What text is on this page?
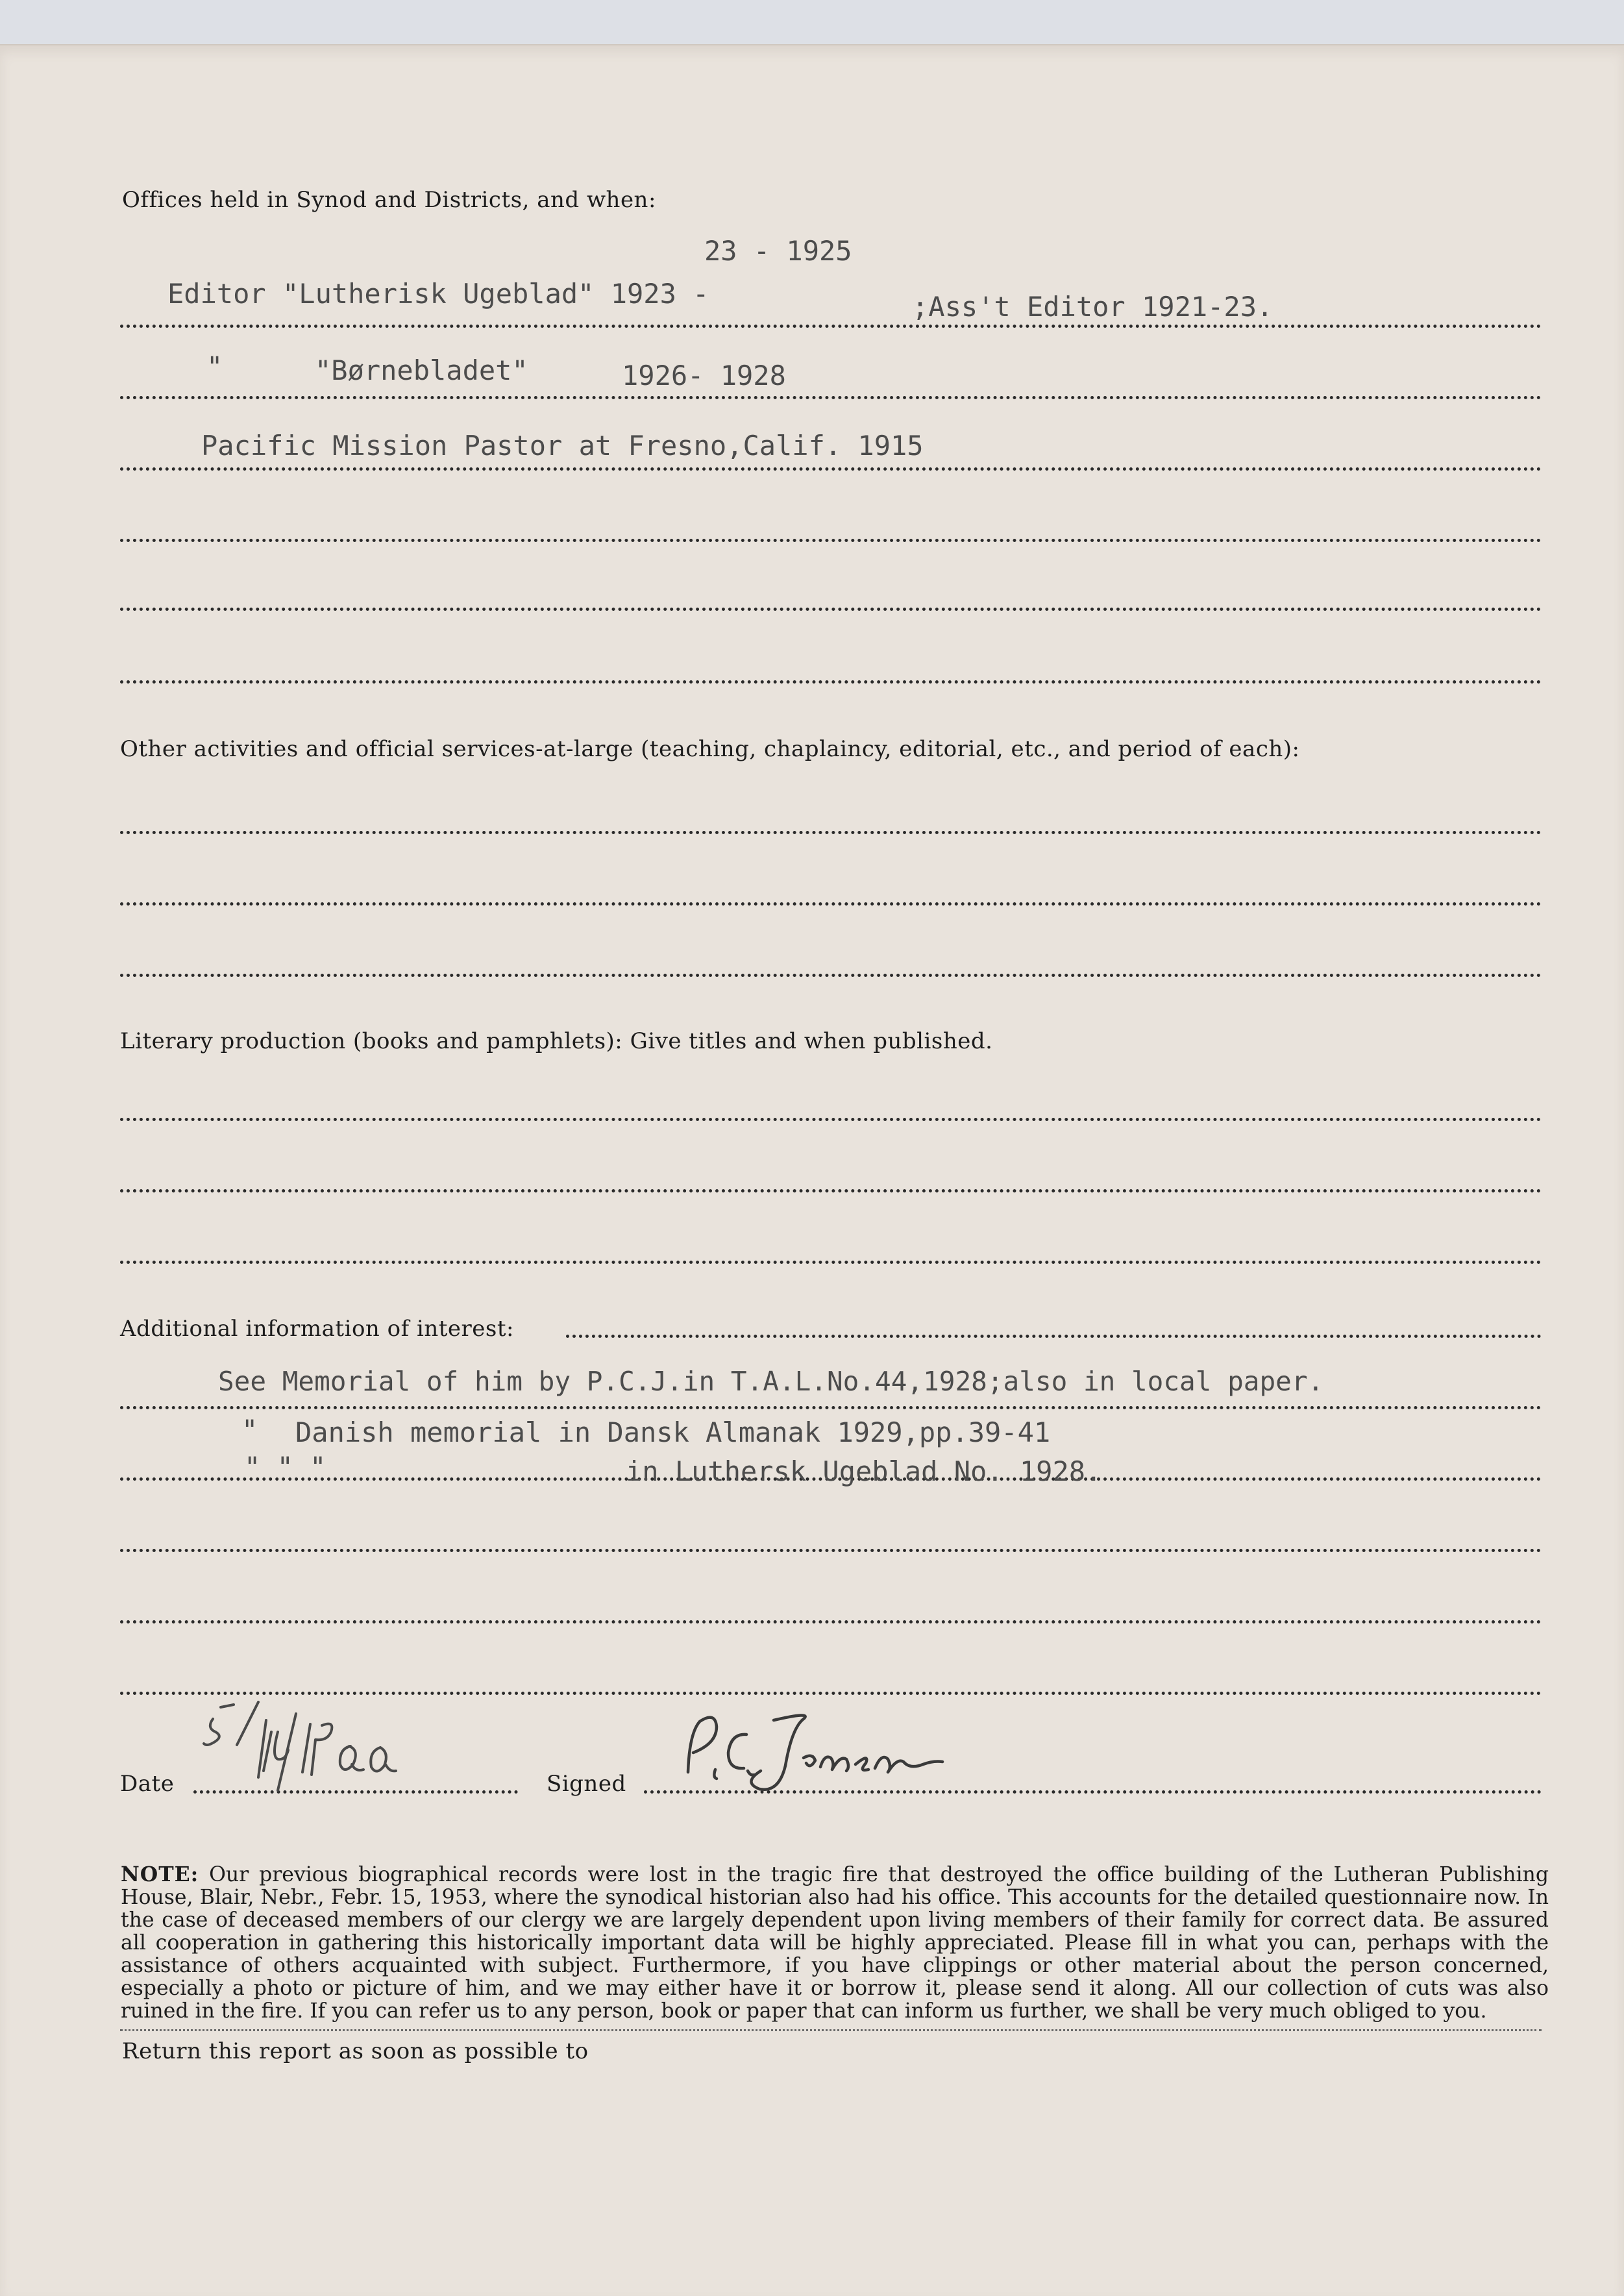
Offices held in Synod and Districts, and when:
Editor "Lutherisk Ugeblad" 1923 -
23 - 1925
;Ass't Editor 1921-23.
"	"Børnebladet"	1926- 1928
Pacific Mission Pastor at Fresno,Calif. 1915
Other activities and official services-at-large (teaching, chaplaincy, editorial, etc., and period of each):
Literary production (books and pamphlets): Give titles and when published.
Additional information of interest:
See Memorial of him by P.C.J.in T.A.L.No.44,1928;also in local paper.
" Danish memorial in Dansk Almanak 1929,pp.39-41
" " "	in Luthersk Ugeblad No. 1928.
Date	Signed
5/16/1966
P.C. Jensen

NOTE: Our previous biographical records were lost in the tragic fire that destroyed the office building of the Lutheran Publishing House, Blair, Nebr., Febr. 15, 1953, where the synodical historian also had his office. This accounts for the detailed questionnaire now. In the case of deceased members of our clergy we are largely dependent upon living members of their family for correct data. Be assured all cooperation in gathering this historically important data will be highly appreciated. Please fill in what you can, perhaps with the assistance of others acquainted with subject. Furthermore, if you have clippings or other material about the person concerned, especially a photo or picture of him, and we may either have it or borrow it, please send it along. All our collection of cuts was also ruined in the fire. If you can refer us to any person, book or paper that can inform us further, we shall be very much obliged to you.

Return this report as soon as possible to
